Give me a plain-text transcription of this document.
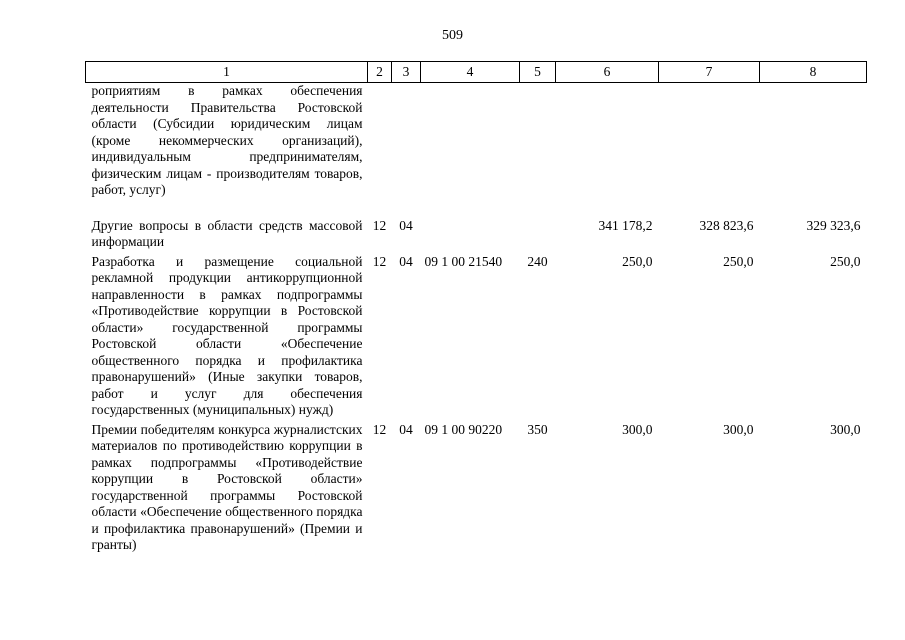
509
1	2	3	4	5	6	7	8
роприятиям в рамках обеспечения деятельности Правительства Ростовской области (Субсидии юридическим лицам (кроме некоммерческих организаций), индивидуальным предпринимателям, физическим лицам - производителям товаров, работ, услуг)							
Другие вопросы в области средств массовой информации	12	04			341 178,2	328 823,6	329 323,6
Разработка и размещение социальной рекламной продукции антикоррупционной направленности в рамках подпрограммы «Противодействие коррупции в Ростовской области» государственной программы Ростовской области «Обеспечение общественного порядка и профилактика правонарушений» (Иные закупки товаров, работ и услуг для обеспечения государственных (муниципальных) нужд)	12	04	09 1 00 21540	240	250,0	250,0	250,0
Премии победителям конкурса журналистских материалов по противодействию коррупции в рамках подпрограммы «Противодействие коррупции в Ростовской области» государственной программы Ростовской области «Обеспечение общественного порядка и профилактика правонарушений» (Премии и гранты)	12	04	09 1 00 90220	350	300,0	300,0	300,0
